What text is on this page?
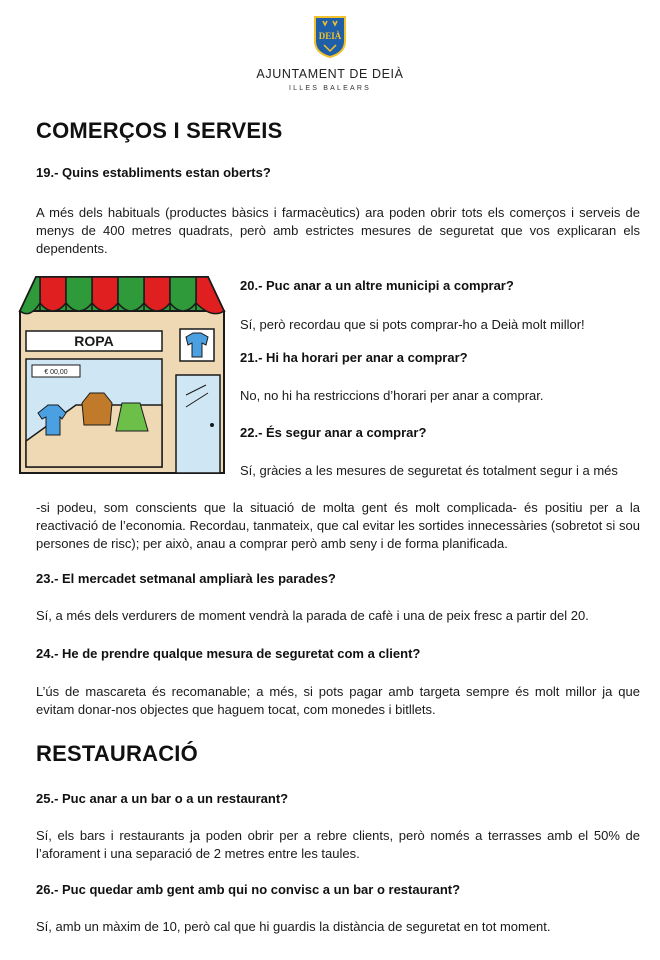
DEIÀ
AJUNTAMENT DE DEIÀ
ILLES BALEARS
COMERÇOS I SERVEIS
19.- Quins establiments estan oberts?
A més dels habituals (productes bàsics i farmacèutics) ara poden obrir tots els comerços i serveis de menys de 400 metres quadrats, però amb estrictes mesures de seguretat que vos explicaran els dependents.
ROPA
€ 00,00
20.- Puc anar a un altre municipi a comprar?
Sí, però recordau que si pots comprar-ho a Deià molt millor!
21.- Hi ha horari per anar a comprar?
No, no hi ha restriccions d’horari per anar a comprar.
22.- És segur anar a comprar?
Sí, gràcies a les mesures de seguretat és totalment segur i a més
-si podeu, som conscients que la situació de molta gent és molt complicada- és positiu per a la reactivació de l’economia. Recordau, tanmateix, que cal evitar les sortides innecessàries (sobretot si sou persones de risc); per això, anau a comprar però amb seny i de forma planificada.
23.- El mercadet setmanal ampliarà les parades?
Sí, a més dels verdurers de moment vendrà la parada de cafè i una de peix fresc a partir del 20.
24.- He de prendre qualque mesura de seguretat com a client?
L’ús de mascareta és recomanable; a més, si pots pagar amb targeta sempre és molt millor ja que evitam donar-nos objectes que haguem tocat, com monedes i bitllets.
RESTAURACIÓ
25.- Puc anar a un bar o a un restaurant?
Sí, els bars i restaurants ja poden obrir per a rebre clients, però només a terrasses amb el 50% de l’aforament i una separació de 2 metres entre les taules.
26.- Puc quedar amb gent amb qui no convisc a un bar o restaurant?
Sí, amb un màxim de 10, però cal que hi guardis la distància de seguretat en tot moment.
